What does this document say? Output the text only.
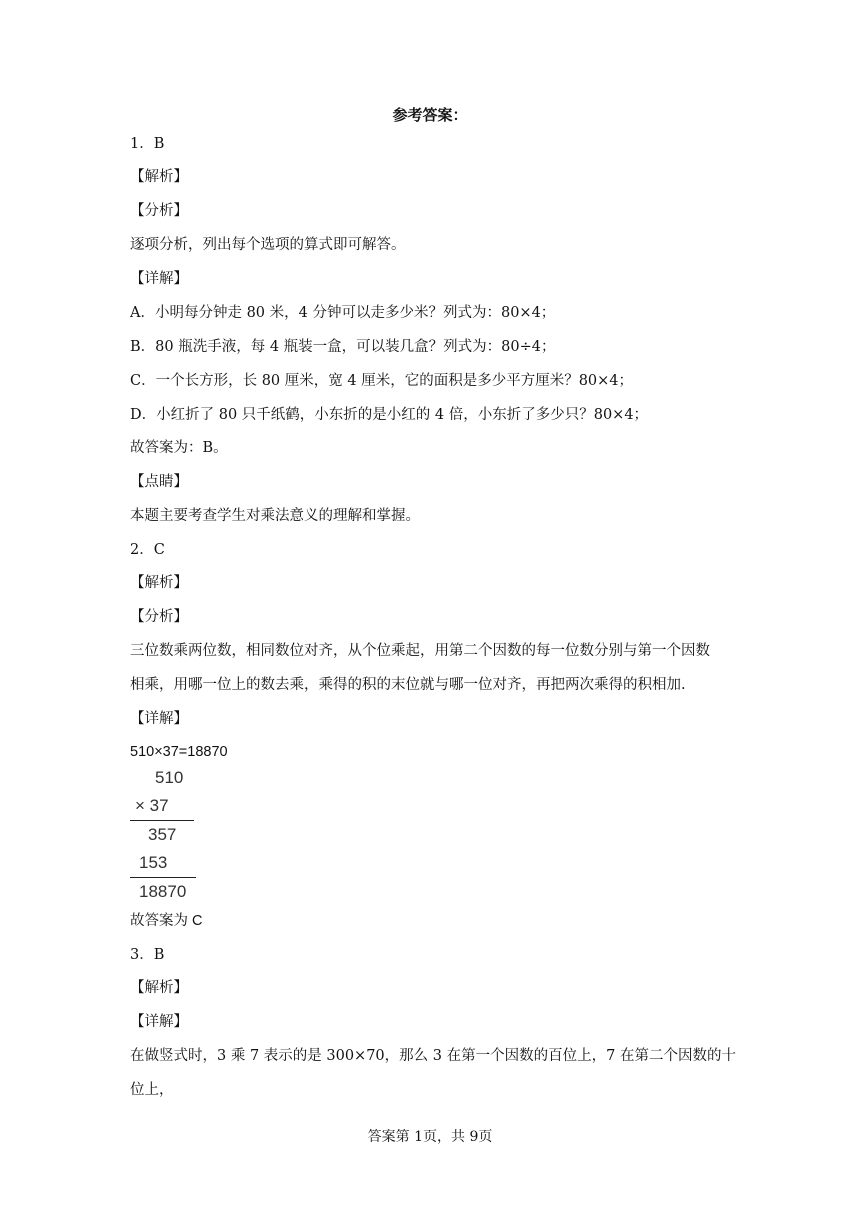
参考答案：
1．B
【解析】
【分析】
逐项分析，列出每个选项的算式即可解答。
【详解】
A．小明每分钟走 80 米，4 分钟可以走多少米？列式为：80×4；
B．80 瓶洗手液，每 4 瓶装一盒，可以装几盒？列式为：80÷4；
C．一个长方形，长 80 厘米，宽 4 厘米，它的面积是多少平方厘米？80×4；
D．小红折了 80 只千纸鹤，小东折的是小红的 4 倍，小东折了多少只？80×4；
故答案为：B。
【点睛】
本题主要考查学生对乘法意义的理解和掌握。
2．C
【解析】
【分析】
三位数乘两位数，相同数位对齐，从个位乘起，用第二个因数的每一位数分别与第一个因数
相乘，用哪一位上的数去乘，乘得的积的末位就与哪一位对齐，再把两次乘得的积相加.
【详解】
510×37=18870
510
× 37
357
153
18870
故答案为 C
3．B
【解析】
【详解】
在做竖式时，3 乘 7 表示的是 300×70，那么 3 在第一个因数的百位上，7 在第二个因数的十
位上，
答案第 1页，共 9页
